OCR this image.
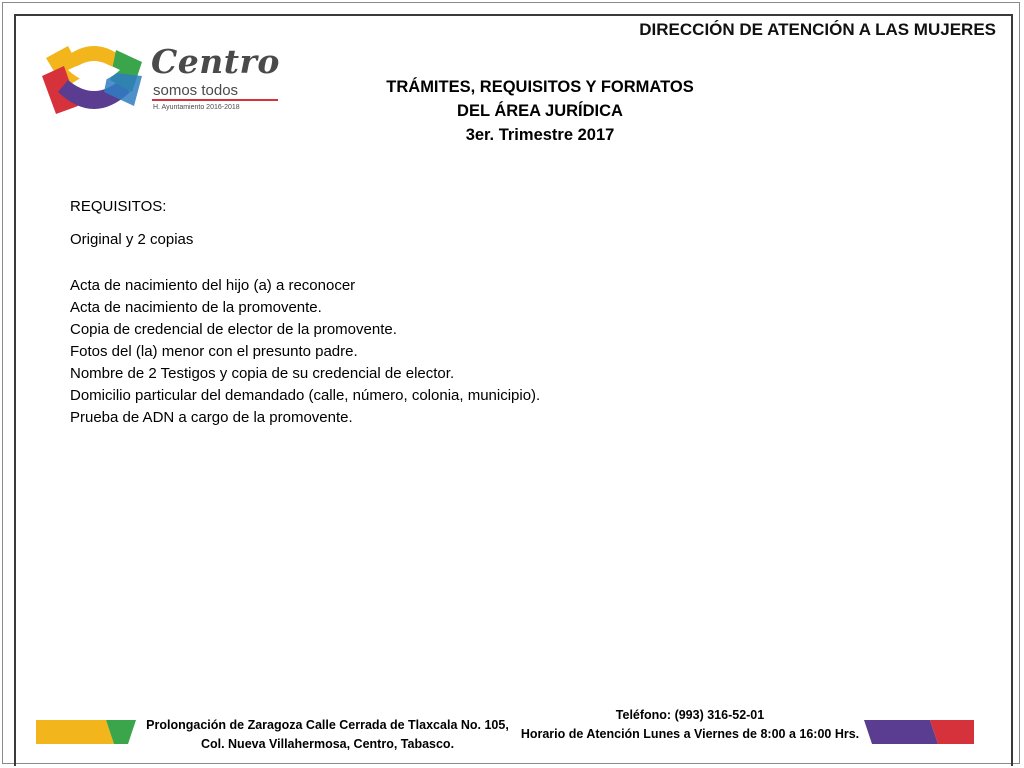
Centro
somos todos
H. Ayuntamiento 2016-2018
DIRECCIÓN DE ATENCIÓN A LAS MUJERES
TRÁMITES, REQUISITOS Y FORMATOS
DEL ÁREA JURÍDICA
3er. Trimestre 2017
REQUISITOS:
Original y 2 copias
Acta de nacimiento del hijo (a) a reconocer
Acta de nacimiento de la promovente.
Copia de credencial de elector de la promovente.
Fotos del (la) menor con el presunto padre.
Nombre de 2 Testigos y copia de su credencial de elector.
Domicilio particular del demandado (calle, número, colonia, municipio).
Prueba de ADN a cargo de la promovente.
Prolongación de Zaragoza Calle Cerrada de Tlaxcala No. 105,
Col. Nueva Villahermosa, Centro, Tabasco.
Teléfono: (993) 316-52-01
Horario de Atención Lunes a Viernes de 8:00 a 16:00 Hrs.
